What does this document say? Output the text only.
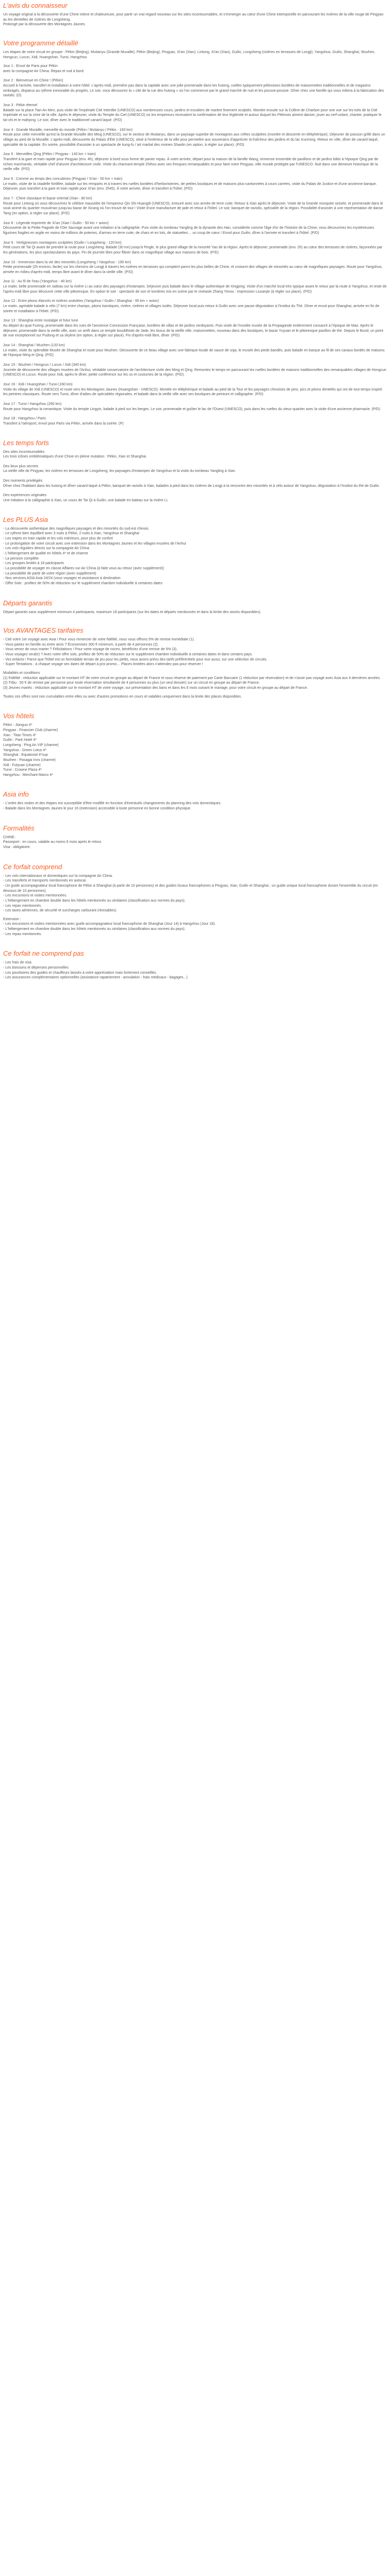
L'avis du connaisseur
Un voyage original à la découverte d'une Chine intime et chaleureuse, pour partir un vrai regard nouveau sur les sites incontournables, et s'immerger au cœur d'une Chine intemporelle en parcourant les rivières de la ville rouge de Pingyao au les dentelles de rizières de Longsheng.
Prolongé par la découverte des Montagnes Jaunes.
Votre programme détaillé
Les étapes de votre circuit en groupe : Pékin (Beijing), Mutianyu (Grande Muraille), Pékin (Beijing), Pingyao, Xi'an (Xian), Lintong, Xi'an (Xian), Guilin, Longsheng (rizières en terrasses de Longji), Yangshuo, Guilin, Shanghai, Wuzhen, Hongcun, Lucun, Xidi, Huangshan, Tunxi, Hangzhou
Jour 1 : Envol de Paris pour Pékin
avec la compagnie Air China. Repas et nuit à bord.
Jour 2 : Bienvenue en Chine ! (Pékin)
Accueil à l'arrivée, transfert et installation à votre hôtel. L'après-midi, première pas dans la capitale avec une jolie promenade dans les hutong, ruelles typiquement pékinoises bordées de maisonnettes traditionnelles et de magasins ombragés, disparus au rythme inexorable du progrès. Le soir, vous découvrez la « cité de la rue des hutong » où l'on commence par le grand marché de nuit et les pousse-pousse. Dîner chez une famille qui vous initiera à la fabrication des raviolis. (D)
Jour 3 : Pékin éternel
Balade sur la place Tian An Men, puis visite de l'impériale Cité Interdite (UNESCO) aux nombreuses cours, jardins et escaliers de marbre finement sculptés. Montée ensuite sur la Colline de Charbon pour une vue sur les toits de la Cité Impériale et sur la cime de la ville. Après le déjeuner, visite du Temple du Ciel (UNESCO) où les empereurs recevaient la confirmation de leur légitimité et autour duquel les Pékinois aiment danser, jouer au cerf-volant, chanter, pratiquer le taï-chi et le mahjong. Le soir, dîner avec le traditionnel canard laqué. (P/D)
Jour 4 : Grande Muraille, merveille du monde (Pékin / Mutianyu / Pékin - 160 km)
Route pour cette merveille qu'est la Grande Muraille des Ming (UNESCO), sur le secteur de Mutianyu, dans un paysage superbe de montagnes aux crêtes sculptées (montée et descente en téléphérique). Déjeuner de poisson grillé dans un village au pied de la Muraille. L'après-midi, découverte du Palais d'Été (UNESCO), situé à l'extérieur de la ville pour permettre aux souverains d'apprécier la fraîcheur des jardins et du lac Kunming. Retour en ville, dîner de canard laqué, spécialité de la capitale. En soirée, possibilité d'assister à un spectacle de kung-fu / art martial des moines Shaolin (en option, à régler sur place). (P/D)
Jour 5 : Merveilles Qing (Pékin / Pingyao - 140 km + train)
Transfert à la gare et train rapide pour Pingyao (env. 4h), déjeuner à bord sous forme de panier repas. À votre arrivée, départ pour la maison de la famille Wang, immense ensemble de pavillons et de jardins bâtis à l'époque Qing par de riches marchands, véritable chef d'œuvre d'architecture civile. Visite du charmant temple Zhihou avec ses fresques remarquables et pour faire votre Pingyao, ville murale protégée par l'UNESCO. Nuit dans une demeure historique de la vieille ville. (P/D)
Jour 6 : Comme au temps des concubines (Pingyao / Xi'an - 50 km + train)
Le matin, visite de la citadelle fortifiée, balade sur les remparts et à travers les ruelles bordées d'herboristeries, de petites boutiques et de maisons plus-cantonnées à cours carrées, visite du Palais de Justice et d'une ancienne banque. Déjeuner, puis transfert à la gare et train rapide pour Xi'an (env. 2h45). À votre arrivée, dîner et transfert à l'hôtel. (P/D)
Jour 7 : Chine classique et bazar oriental (Xian - 80 km)
Route pour Lintong où vous découvrirez le célèbre mausolée de l'empereur Qin Shi Huangdi (UNESCO), entouré avec son armée de terre cuite. Retour à Xian après le déjeuner. Visite de la Grande mosquée sinisée, et promenade dans le souk animé du quartier musulman jusqu'au bazar de Xicang où l'on trouve de tout ! Visite d'une manufacture de jade et retour à l'hôtel. Le soir, banquet de raviolis, spécialité de la région. Possibilité d'assister à une représentation de danse Tang (en option, à régler sur place). (P/D)
Jour 8 : Légende imprimée de Xi'an (Xian / Guilin - 50 km + avion)
Découverte de la Petite Pagode de l'Oie Sauvage avant une initiation à la calligraphie. Puis visite du tombeau Yangling de la dynastie des Han, considérée comme l'âge d'or de l'histoire de la Chine, vous découvrirez les mystérieuses figurines fragiles en argile en moins de millions de poteries, d'armes en terre cuite, de chars et en lots, de statuettes… un coup de cœur ! Envol pour Guilin, dîner à l'arrivée et transfert à l'hôtel. (P/D)
Jour 9 : Vertigineuses montagnes sculptées (Guilin / Longsheng - 120 km)
Petit cours de Tai Qi avant de prendre la route pour Longsheng. Balade (30 mn) jusqu'à Pingle, le plus grand village de la minorité Yao de la région. Après le déjeuner, promenade (env. 2h) au cœur des terrasses de rizières, façonnées par les générations, les plus spectaculaires du pays. Fin de journée libre pour flâner dans ce magnifique village aux maisons de bois. (P/D)
Jour 10 : Immersion dans la vie des minorités (Longsheng / Yangshuo - 190 km)
Petite promenade (2h environ, facile) sur les chemins de Longji à travers les rizières en terrasses qui comptent parmi les plus belles de Chine, et croisent des villages de minorités au cœur de magnifiques paysages. Route pour Yangshuo, arrivée en milieu d'après-midi, temps libre avant le dîner dans la vieille ville. (P/D)
Jour 11 : Au fil de l'eau (Yangshuo - 40 km)
Le matin, belle promenade en radeau sur la rivière Li au cœur des paysages d'estampes. Déjeuner puis balade dans le village authentique de Xingping. Visite d'un marché local très typique avant le retour par la route à Yangshuo, et reste de l'après-midi libre pour découvrir cette ville pittoresque. En option le soir : spectacle de son et lumières mis en scène par le cinéaste Zhang Yimou : Impression Liusanjie (à régler sur place). (P/D)
Jour 12 : Entre pitons élancés et rizières ondulées (Yangshuo / Guilin / Shanghai - 95 km + avion)
Le matin, agréable balade à vélo (7 km) entre champs, pitons karstiques, rivière, rizières et villages isolés. Déjeuner local puis retour à Guilin avec une pause dégustation à l'Institut du Thé. Dîner et envol pour Shanghai, arrivée en fin de soirée et installation à l'hôtel. (P/D)
Jour 13 : Shanghai entre nostalgie et futur lune
Au départ du quai Fuxing, promenade dans les rues de l'ancienne Concession Française, bordées de villas et de jardins verdoyants. Puis visite de l'insolite musée de la Propagande entièrement consacré à l'époque de Mao. Après le déjeuner, promenade dans la vieille ville, avec un arrêt dans un temple bouddhiste de Jade, les tissus de la vieille ville, maisonnettes, nouveau dans des boutiques, le bazar Yuyuan et le pittoresque pavillon de thé. Depuis le Bund, un point de vue exceptionnel sur Pudong et sa skyline (en option, à régler sur place). Fin d'après-midi libre, dîner. (P/D)
Jour 14 : Shanghai / Wuzhen (120 km)
Le matin, visite du splendide Musée de Shanghai et route pour Wuzhen. Découverte de ce beau village avec une fabrique locale de sauce de soja, le musée des pieds bandés, puis balade en barque au fil de ses canaux bordés de maisons de l'époque Ming et Qing. (P/D)
Jour 15 : Wuzhen / Hongcun / Lucun / Xidi (340 km)
Journée de découverte des villages musées de l'Anhui, véritable conservatoire de l'architecture civile des Ming et Qing. Remontez le temps en parcourant les ruelles bordées de maisons traditionnelles des remarquables villages de Hongcun (UNESCO) et Lucun. Route pour Xidi, après le dîner, petite conférence sur les us et coutumes de la région. (P/D)
Jour 16 : Xidi / Huangshan / Tunxi (160 km)
Visite du village de Xidi (UNESCO) et route vers les Montagnes Jaunes (Huangshan - UNESCO). Montée en téléphérique et balade au pied de la Tour et les paysages chinoises de pins, pics et pitons dentelés qui ont de tout temps inspiré les peintres classiques. Route vers Tunxi, dîner d'adieu de spécialités régionales, et balade dans la vieille ville avec ses boutiques de peinture et calligraphie. (P/D)
Jour 17 : Tunxi / Hangzhou (260 km)
Route pour Hangzhou la romantique. Visite du temple Lingyin, balade à pied sur les berges. Le soir, promenade et goûter le lac de l'Ouest (UNESCO), puis dans les ruelles du vieux quartier avec la visite d'une ancienne pharmacie. (P/D)
Jour 18 : Hangzhou / Paris
Transfert à l'aéroport, envol pour Paris via Pékin, arrivée dans la soirée. (P)
Les temps forts
Des sites incontournables
Les trois icônes emblématiques d'une Chine en pleine mutation : Pékin, Xian et Shanghai.
Des lieux plus secrets
La vieille ville de Pingyao, les rizières en terrasses de Longsheng, les paysages d'estampes de Yangshuo et la visite du tombeau Yangling à Xian.
Des moments privilégiés
Dîner chez l'habitant dans les hutong et dîner canard laqué à Pékin, banquet de raviolis à Xian, balades à pied dans les rizières de Longji à la rencontre des minorités et à vélo autour de Yangshuo, dégustation à l'Institut du thé de Guilin.
Des expériences originales
Une initiation à la calligraphie à Xian, un cours de Taï Qi à Guilin, une balade en bateau sur la rivière Li.
Les PLUS Asia
- La découverte authentique des magnifiques paysages et des minorités du sud-est chinois
- Le rythme bien équilibré avec 3 nuits à Pékin, 2 nuits à Xian, Yangshuo et Shanghai
- Les trajets en train rapide et les vols intérieurs, pour plus de confort
- Le prolongation de votre circuit avec une extension dans les Montagnes Jaunes et les villages-musées de l'Anhui
- Les vols réguliers directs sur la compagnie Air China
- L'hébergement de qualité en hôtels 4* et de charme
- La pension complète
- Les groupes limités à 18 participants
- La possibilité de voyager en classe Affaires sur Air China (à faite vous au retour (avec supplément))
- La possibilité de partir de votre région (avec supplément)
- Nos services ASIA Asia 24/24 (vous voyagez et assistance à destination
- Offre Solo : profitez de 50% de réduction sur le supplément chambre individuelle à certaines dates
Départs garantis
Départ garantis sans supplément minimum 4 participants, maximum 18 participants (sur les dates et départs mentionnés et dans la limite des stocks disponibles).
Vos AVANTAGES tarifaires
- Cité votre 1er voyage avec Asia ! Pour vous remercier de votre fidélité, nous vous offrons 5% de remise immédiate (1).
- Vous partez en famille ou entre amis ? Économisez 300 € minimum, à partir de 4 personnes (2).
- Vous venez de vous marier ? Félicitations ! Pour votre voyage de noces, bénéficiez d'une remise de 5% (3).
- Vous voyagez seul(e) ? Avec notre offre solo, profitez de 50% de réduction sur le supplément chambre individuelle à certaines dates et dans certains pays.
- Vos enfants ! Parce que l'hôtel est un formidable terrain de jeu pour les petits, nous avons prévu des tarifs préférentiels pour eux aussi, sur une sélection de circuits.
- Super Tentations : à chaque voyage ses dates de départ à prix promo… Places limitées alors n'attendez pas pour réserver !
Modalités et conditions
(1) Fidélité : réduction applicable sur le montant HT de votre circuit en groupe au départ de France et sous réserve de paiement par Carte Bancaire (1 réduction par réservation) et de n'avoir pas voyagé avec Asia aux 4 dernières années.
(2) Tribu : 50 € de remise par personne pour toute réservation simultanée de 4 personnes ou plus (un seul dossier) sur un circuit en groupe au départ de France.
(3) Jeunes mariés : réduction applicable sur le montant HT de votre voyage, sur présentation des bans et dans les 6 mois suivant le mariage, pour votre circuit en groupe au départ de France.
Toutes ces offres sont non cumulables entre elles ou avec d'autres promotions en cours et valables uniquement dans la limite des places disponibles.
Vos hôtels
Pékin : Jianguo 4*
Pingyao : Financier Club (charme)
Xian : Titan Times 4*
Guilin : Park Hotel 4*
Longsheng : Ping An VIP (charme)
Yangshuo : Green Lotus 4*
Shanghai : Equatorial 4*sup
Wuzhen : Pasagai Inns (charme)
Xidi : Futyuan (charme)
Tunxi : Crowne Plaza 4*
Hangzhou : Merchant Marco 4*
Asia info
- L'ordre des visites et des étapes est susceptible d'être modifié en fonction d'éventuels changements du planning des vols domestiques.
- Balade dans les Montagnes Jaunes le jour 16 (extension) accessible à toute personne en bonne condition physique.
Formalités
CHINE :
Passeport : en cours, valable au moins 6 mois après le retour.
Visa : obligatoire.
Ce forfait comprend
- Les vols internationaux et domestiques sur la compagnie Air China.
- Les transferts et transports mentionnés en autocar.
- Un guide accompagnateur local francophone de Pékin à Shanghai (à partir de 10 personnes) et des guides locaux francophones à Pingyao, Xian, Guilin et Shanghai ; un guide unique local francophone durant l'ensemble du circuit (en dessous de 10 personnes).
- Les excursions et visites mentionnées.
- L'hébergement en chambre double dans les hôtels mentionnés ou similaires (classification aux normes du pays).
- Les repas mentionnés.
- Les taxes aériennes, de sécurité et surcharges carburant (révisables).
Extension :
- Les excursions et visites mentionnées avec guide accompagnateur local francophone de Shanghai (Jour 14) à Hangzhou (Jour 18).
- L'hébergement en chambre double dans les hôtels mentionnés ou similaires (classification aux normes du pays).
- Les repas mentionnés.
Ce forfait ne comprend pas
- Les frais de visa
- Les boissons et dépenses personnelles
- Les pourboires des guides et chauffeurs laissés à votre appréciation mais fortement conseillés.
- Les assurances complémentaires optionnelles (assistance rapatriement - annulation - frais médicaux - bagages...)
